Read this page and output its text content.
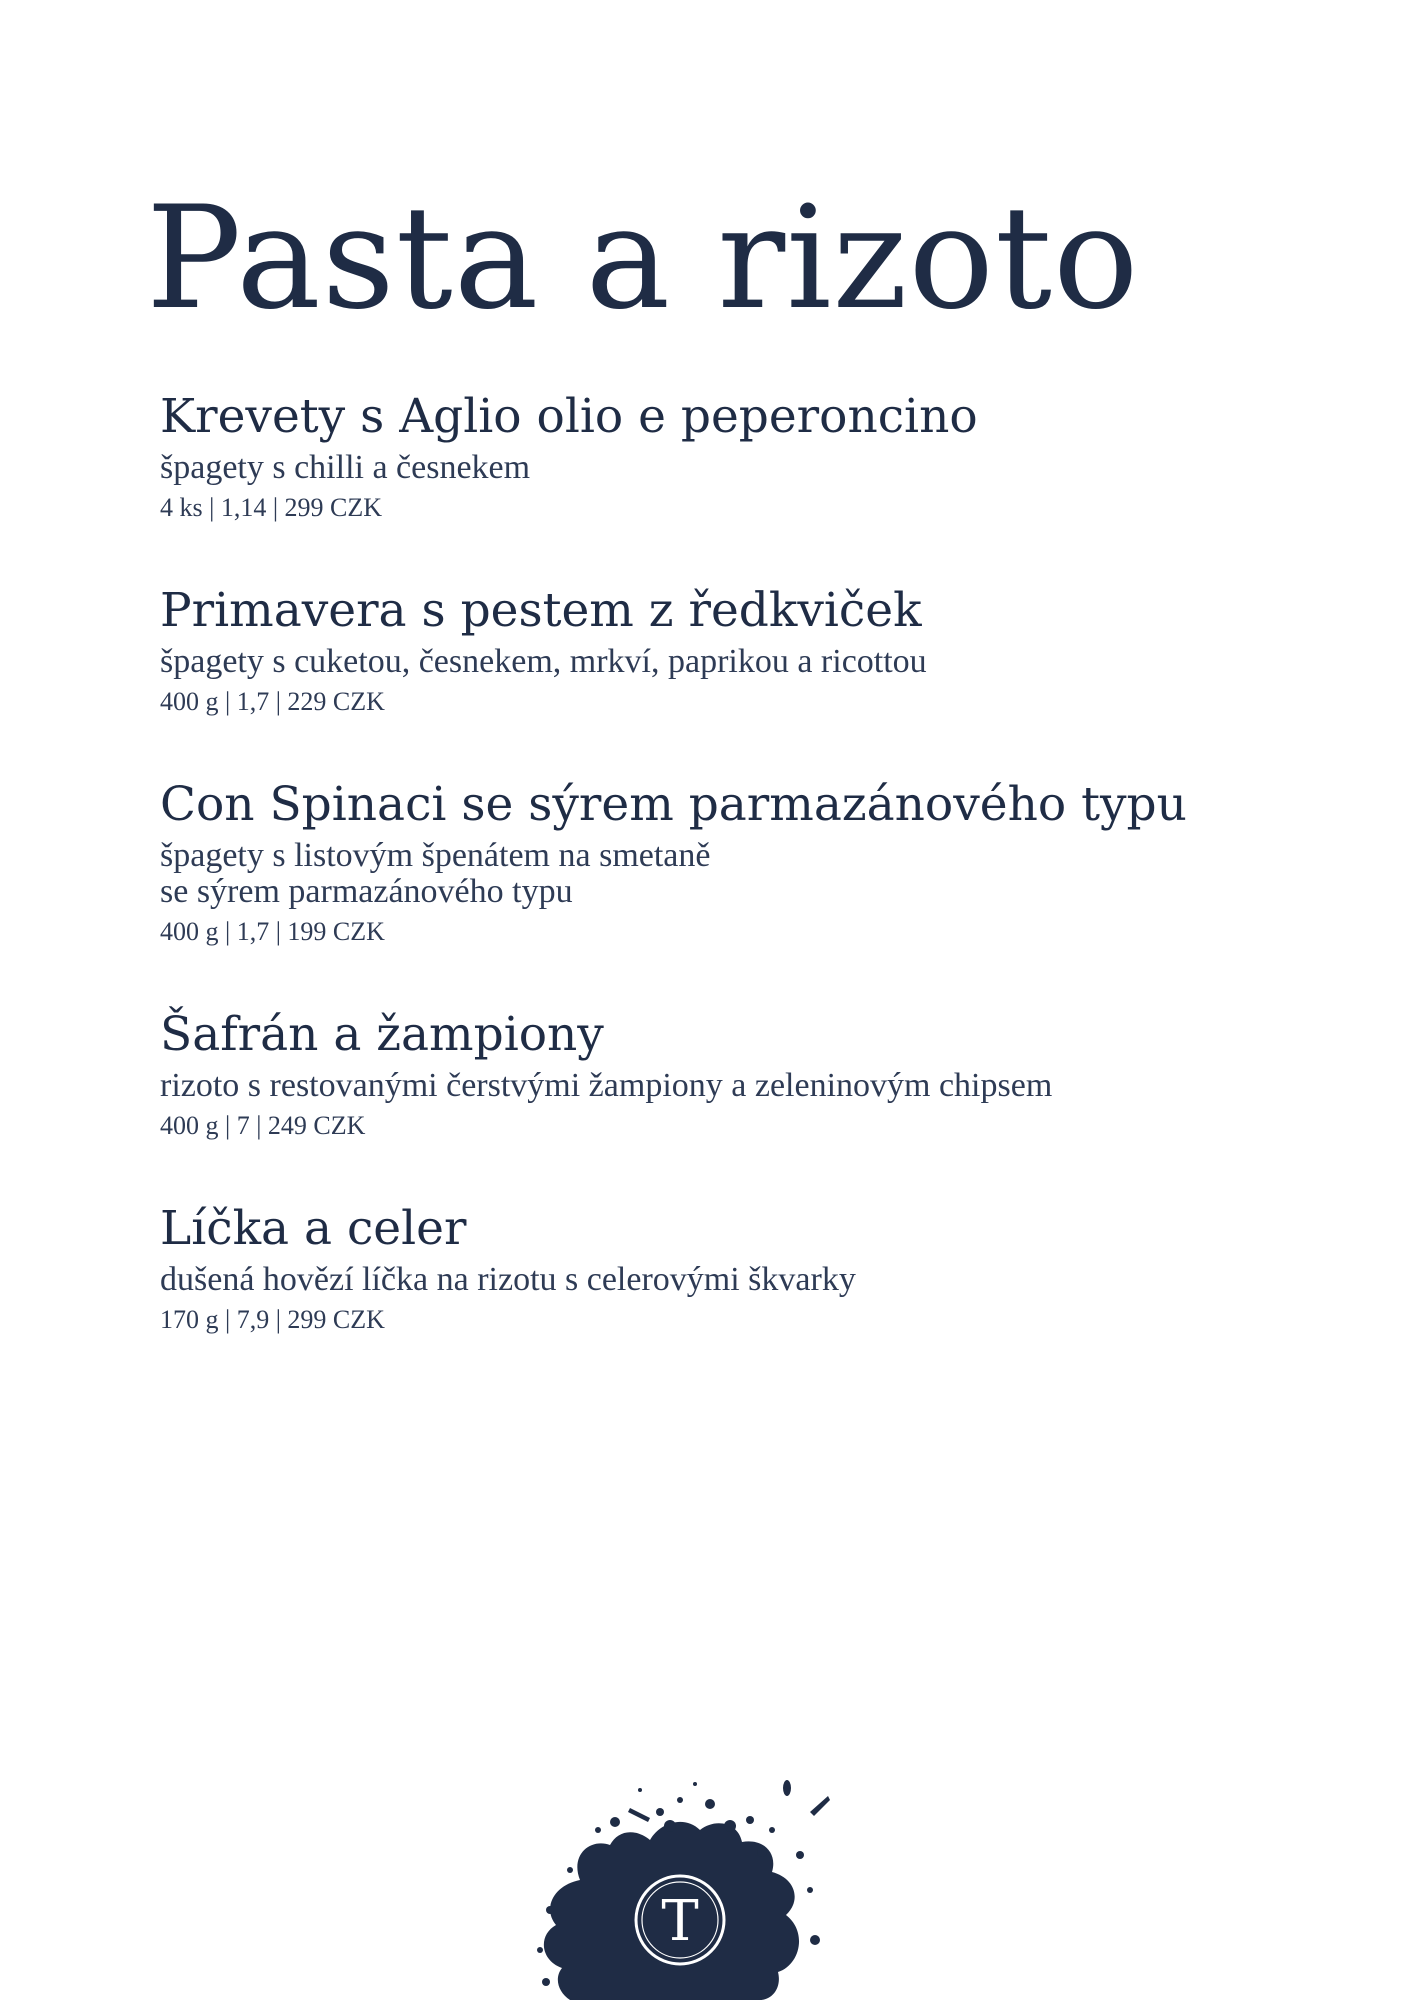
Pasta a rizoto
Krevety s Aglio olio e peperoncino
špagety s chilli a česnekem
4 ks | 1,14 | 299 CZK
Primavera s pestem z ředkviček
špagety s cuketou, česnekem, mrkví, paprikou a ricottou
400 g | 1,7 | 229 CZK
Con Spinaci se sýrem parmazánového typu
špagety s listovým špenátem na smetaně
se sýrem parmazánového typu
400 g | 1,7 | 199 CZK
Šafrán a žampiony
rizoto s restovanými čerstvými žampiony a zeleninovým chipsem
400 g | 7 | 249 CZK
Líčka a celer
dušená hovězí líčka na rizotu s celerovými škvarky
170 g | 7,9 | 299 CZK
T
